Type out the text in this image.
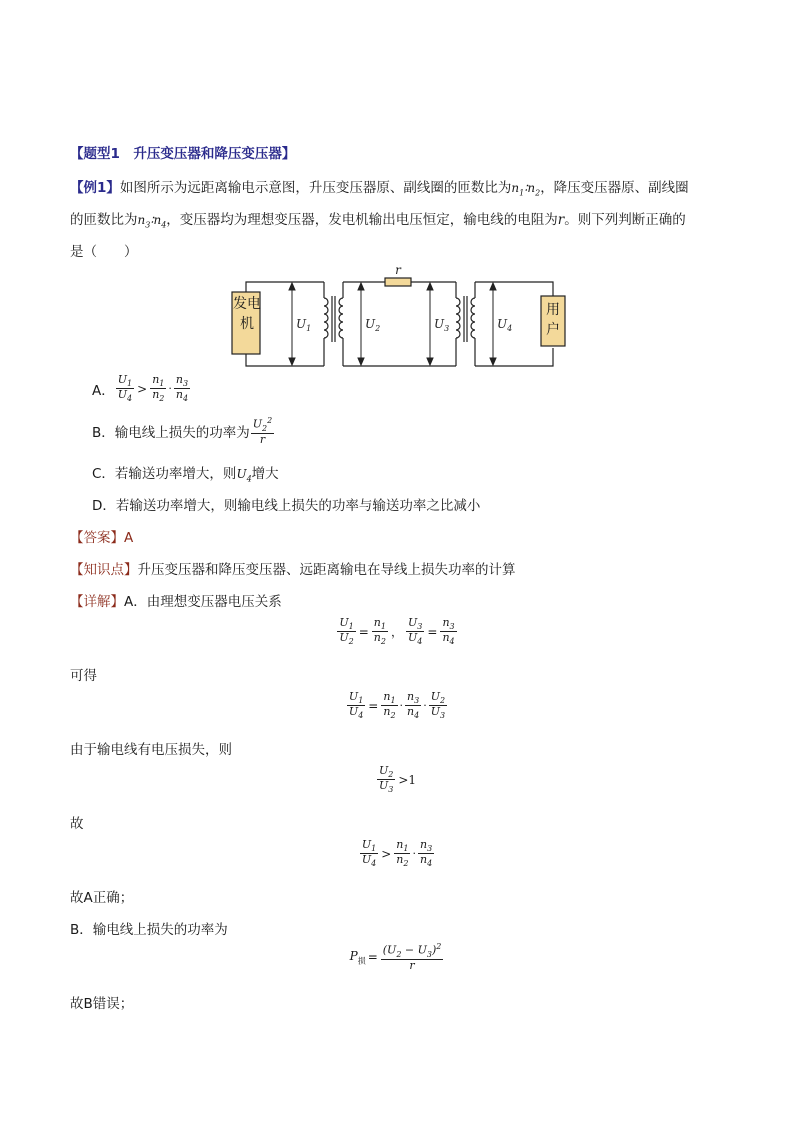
【题型1　升压变压器和降压变压器】
【例1】如图所示为远距离输电示意图，升压变压器原、副线圈的匝数比为$n_1∶n_2$，降压变压器原、副线圈
的匝数比为$n_3∶n_4$，变压器均为理想变压器，发电机输出电压恒定，输电线的电阻为r。则下列判断正确的
是（　　）
r
$U_1$	$U_2$	$U_3$	$U_4$
发电机
用户
A． $\frac{U_1}{U_4} > \frac{n_1}{n_2} \cdot \frac{n_3}{n_4}$
B．输电线上损失的功率为 $\frac{U_2^2}{r}$
C．若输送功率增大，则$U_4$增大
D．若输送功率增大，则输电线上损失的功率与输送功率之比减小
【答案】A
【知识点】升压变压器和降压变压器、远距离输电在导线上损失功率的计算
【详解】A．由理想变压器电压关系
$\frac{U_1}{U_2} = \frac{n_1}{n_2}$ ， $\frac{U_3}{U_4} = \frac{n_3}{n_4}$
可得
$\frac{U_1}{U_4} = \frac{n_1}{n_2} \cdot \frac{n_3}{n_4} \cdot \frac{U_2}{U_3}$
由于输电线有电压损失，则
$\frac{U_2}{U_3} >1$
故
$\frac{U_1}{U_4} > \frac{n_1}{n_2} \cdot \frac{n_3}{n_4}$
故A正确；
B．输电线上损失的功率为
$P_损 = \frac{(U_2 - U_3)^2}{r}$
故B错误；
